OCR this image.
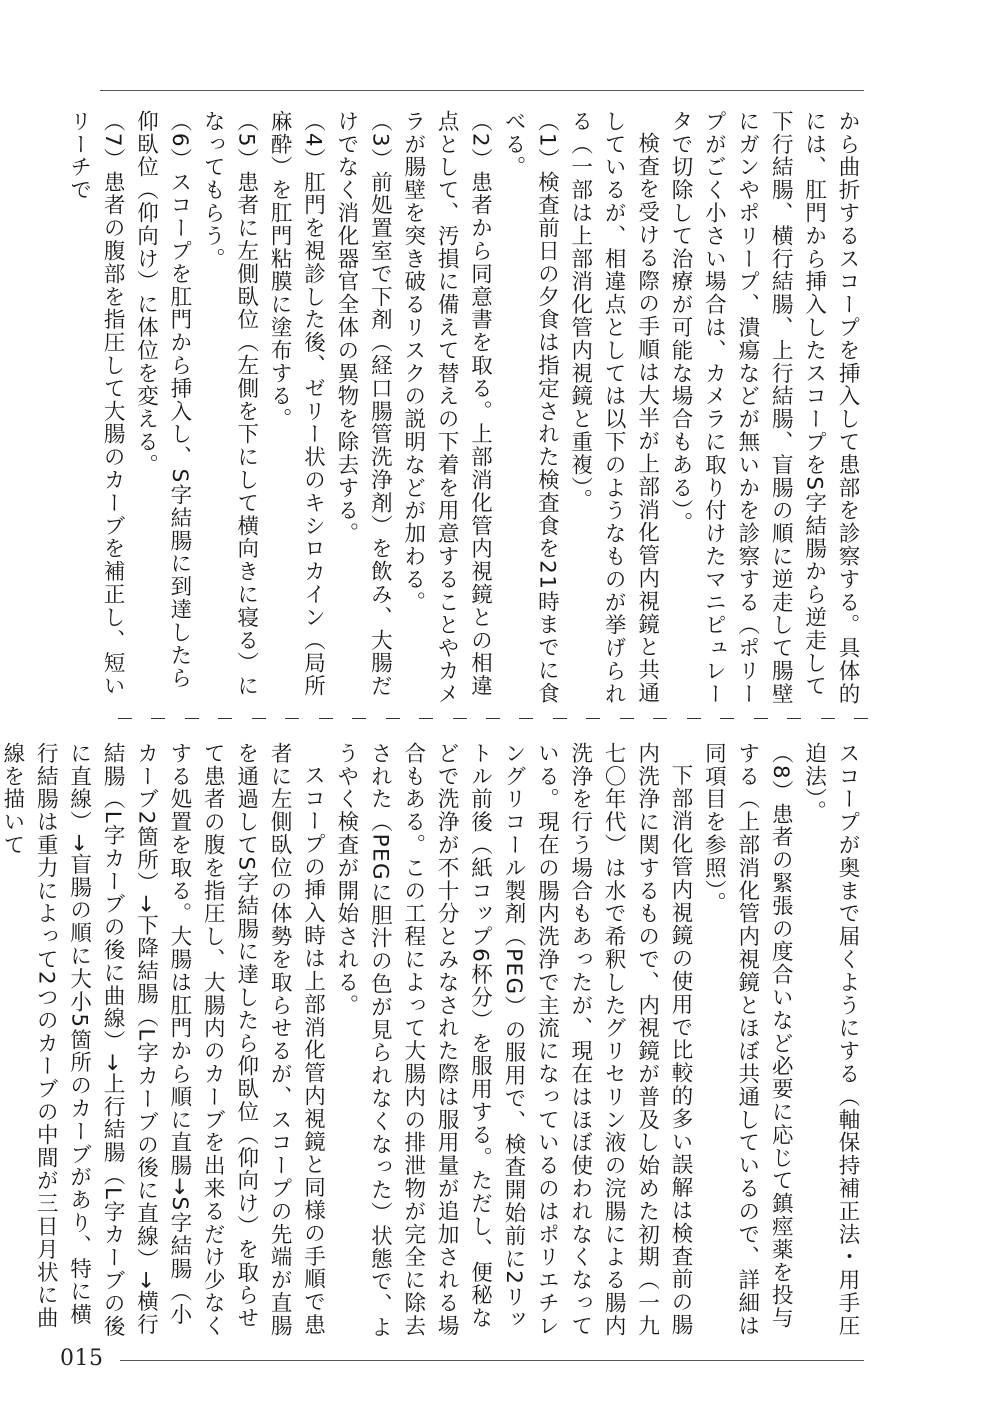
から曲折するスコープを挿入して患部を診察する。具体的には、肛門から挿入したスコープをS字結腸から逆走して下行結腸、横行結腸、上行結腸、盲腸の順に逆走して腸壁にガンやポリープ、潰瘍などが無いかを診察する（ポリープがごく小さい場合は、カメラに取り付けたマニピュレータで切除して治療が可能な場合もある）。

検査を受ける際の手順は大半が上部消化管内視鏡と共通しているが、相違点としては以下のようなものが挙げられる（一部は上部消化管内視鏡と重複）。

（1）検査前日の夕食は指定された検査食を21時までに食べる。

（2）患者から同意書を取る。上部消化管内視鏡との相違点として、汚損に備えて替えの下着を用意することやカメラが腸壁を突き破るリスクの説明などが加わる。

（3）前処置室で下剤（経口腸管洗浄剤）を飲み、大腸だけでなく消化器官全体の異物を除去する。

（4）肛門を視診した後、ゼリー状のキシロカイン（局所麻酔）を肛門粘膜に塗布する。

（5）患者に左側臥位（左側を下にして横向きに寝る）になってもらう。

（6）スコープを肛門から挿入し、S字結腸に到達したら仰臥位（仰向け）に体位を変える。

（7）患者の腹部を指圧して大腸のカーブを補正し、短いリーチで

スコープが奥まで届くようにする（軸保持補正法・用手圧迫法）。

（8）患者の緊張の度合いなど必要に応じて鎮痙薬を投与する（上部消化管内視鏡とほぼ共通しているので、詳細は同項目を参照）。

下部消化管内視鏡の使用で比較的多い誤解は検査前の腸内洗浄に関するもので、内視鏡が普及し始めた初期（一九七〇年代）は水で希釈したグリセリン液の浣腸による腸内洗浄を行う場合もあったが、現在はほぼ使われなくなっている。現在の腸内洗浄で主流になっているのはポリエチレングリコール製剤（PEG）の服用で、検査開始前に2リットル前後（紙コップ6杯分）を服用する。ただし、便秘などで洗浄が不十分とみなされた際は服用量が追加される場合もある。この工程によって大腸内の排泄物が完全に除去された（PEGに胆汁の色が見られなくなった）状態で、ようやく検査が開始される。

スコープの挿入時は上部消化管内視鏡と同様の手順で患者に左側臥位の体勢を取らせるが、スコープの先端が直腸を通過してS字結腸に達したら仰臥位（仰向け）を取らせて患者の腹を指圧し、大腸内のカーブを出来るだけ少なくする処置を取る。大腸は肛門から順に直腸→S字結腸（小カーブ2箇所）→下降結腸（L字カーブの後に直線）→横行結腸（L字カーブの後に曲線）→上行結腸（L字カーブの後に直線）→盲腸の順に大小5箇所のカーブがあり、特に横行結腸は重力によって2つのカーブの中間が三日月状に曲線を描いて

015
